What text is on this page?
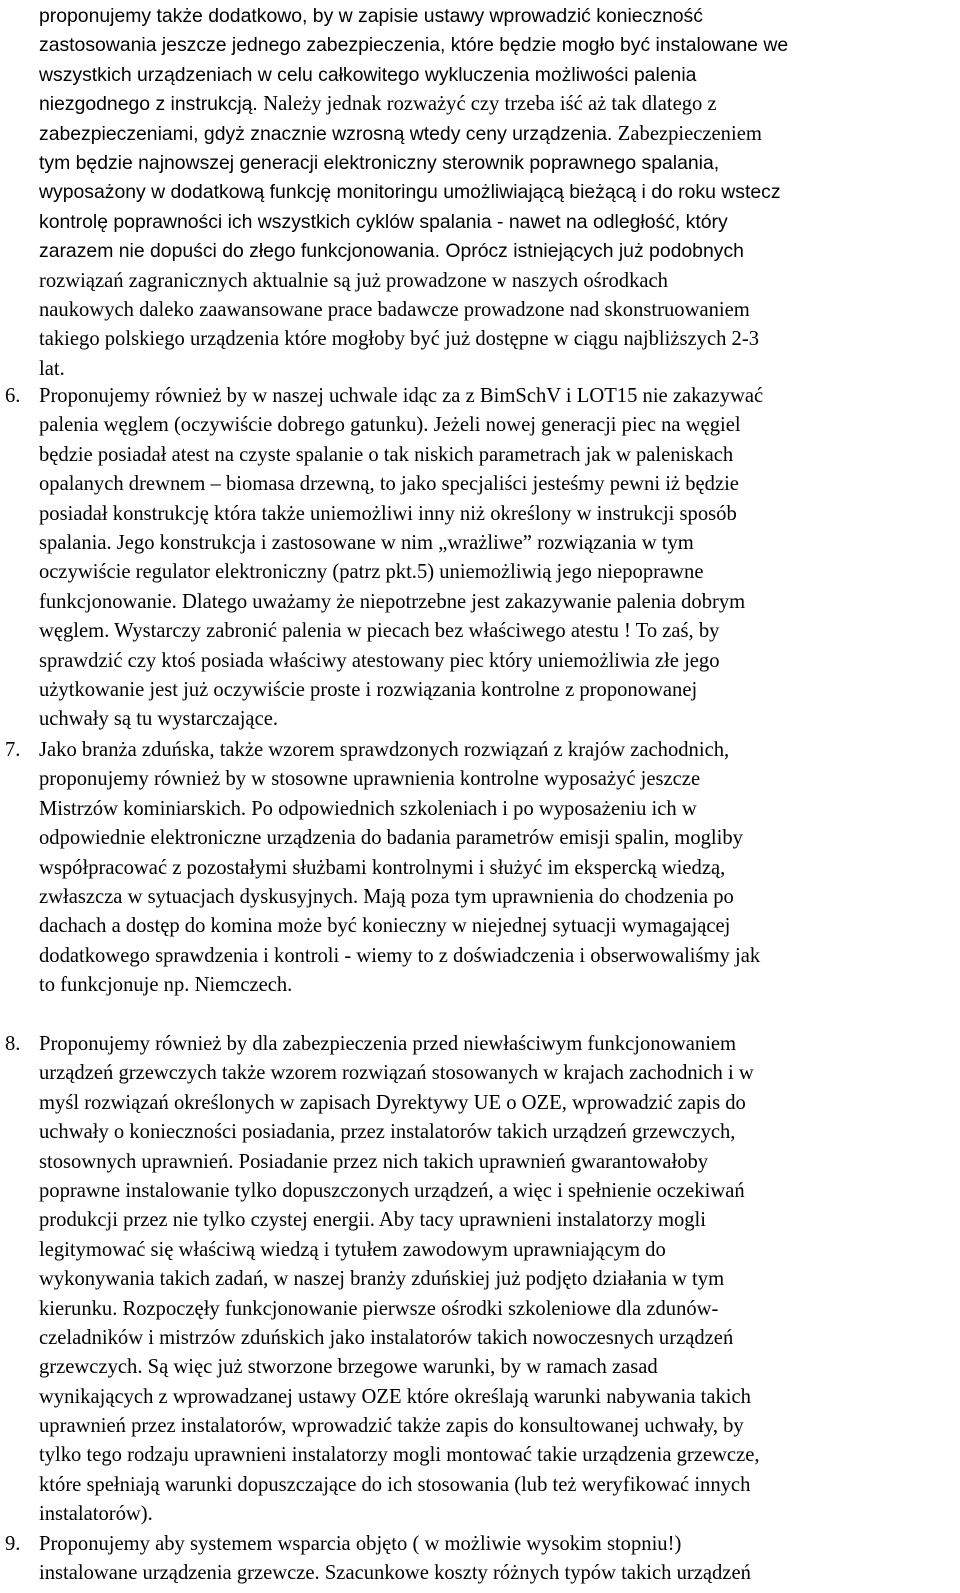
proponujemy także dodatkowo, by w zapisie ustawy wprowadzić konieczność
zastosowania jeszcze jednego zabezpieczenia, które będzie mogło być instalowane we
wszystkich urządzeniach w celu całkowitego wykluczenia możliwości palenia
niezgodnego z instrukcją. Należy jednak rozważyć czy trzeba iść aż tak dlatego z
zabezpieczeniami, gdyż znacznie wzrosną wtedy ceny urządzenia. Zabezpieczeniem
tym będzie najnowszej generacji elektroniczny sterownik poprawnego spalania,
wyposażony w dodatkową funkcję monitoringu umożliwiającą bieżącą i do roku wstecz
kontrolę poprawności ich wszystkich cyklów spalania - nawet na odległość, który
zarazem nie dopuści do złego funkcjonowania. Oprócz istniejących już podobnych
rozwiązań zagranicznych aktualnie są już prowadzone w naszych ośrodkach
naukowych daleko zaawansowane prace badawcze prowadzone nad skonstruowaniem
takiego polskiego urządzenia które mogłoby być już dostępne w ciągu najbliższych 2-3
lat.
6. Proponujemy również by w naszej uchwale idąc za z BimSchV i LOT15 nie zakazywać
palenia węglem (oczywiście dobrego gatunku). Jeżeli nowej generacji piec na węgiel
będzie posiadał atest na czyste spalanie o tak niskich parametrach jak w paleniskach
opalanych drewnem – biomasa drzewną, to jako specjaliści jesteśmy pewni iż będzie
posiadał konstrukcję która także uniemożliwi inny niż określony w instrukcji sposób
spalania. Jego konstrukcja i zastosowane w nim „wrażliwe” rozwiązania w tym
oczywiście regulator elektroniczny (patrz pkt.5) uniemożliwią jego niepoprawne
funkcjonowanie. Dlatego uważamy że niepotrzebne jest zakazywanie palenia dobrym
węglem. Wystarczy zabronić palenia w piecach bez właściwego atestu ! To zaś, by
sprawdzić czy ktoś posiada właściwy atestowany piec który uniemożliwia złe jego
użytkowanie jest już oczywiście proste i rozwiązania kontrolne z proponowanej
uchwały są tu wystarczające.
7. Jako branża zduńska, także wzorem sprawdzonych rozwiązań z krajów zachodnich,
proponujemy również by w stosowne uprawnienia kontrolne wyposażyć jeszcze
Mistrzów kominiarskich. Po odpowiednich szkoleniach i po wyposażeniu ich w
odpowiednie elektroniczne urządzenia do badania parametrów emisji spalin, mogliby
współpracować z pozostałymi służbami kontrolnymi i służyć im ekspercką wiedzą,
zwłaszcza w sytuacjach dyskusyjnych. Mają poza tym uprawnienia do chodzenia po
dachach a dostęp do komina może być konieczny w niejednej sytuacji wymagającej
dodatkowego sprawdzenia i kontroli - wiemy to z doświadczenia i obserwowaliśmy jak
to funkcjonuje np. Niemczech.
8. Proponujemy również by dla zabezpieczenia przed niewłaściwym funkcjonowaniem
urządzeń grzewczych także wzorem rozwiązań stosowanych w krajach zachodnich i w
myśl rozwiązań określonych w zapisach Dyrektywy UE o OZE, wprowadzić zapis do
uchwały o konieczności posiadania, przez instalatorów takich urządzeń grzewczych,
stosownych uprawnień. Posiadanie przez nich takich uprawnień gwarantowałoby
poprawne instalowanie tylko dopuszczonych urządzeń, a więc i spełnienie oczekiwań
produkcji przez nie tylko czystej energii. Aby tacy uprawnieni instalatorzy mogli
legitymować się właściwą wiedzą i tytułem zawodowym uprawniającym do
wykonywania takich zadań, w naszej branży zduńskiej już podjęto działania w tym
kierunku. Rozpoczęły funkcjonowanie pierwsze ośrodki szkoleniowe dla zdunów-
czeladników i mistrzów zduńskich jako instalatorów takich nowoczesnych urządzeń
grzewczych. Są więc już stworzone brzegowe warunki, by w ramach zasad
wynikających z wprowadzanej ustawy OZE które określają warunki nabywania takich
uprawnień przez instalatorów, wprowadzić także zapis do konsultowanej uchwały, by
tylko tego rodzaju uprawnieni instalatorzy mogli montować takie urządzenia grzewcze,
które spełniają warunki dopuszczające do ich stosowania (lub też weryfikować innych
instalatorów).
9. Proponujemy aby systemem wsparcia objęto ( w możliwie wysokim stopniu!)
instalowane urządzenia grzewcze. Szacunkowe koszty różnych typów takich urządzeń
